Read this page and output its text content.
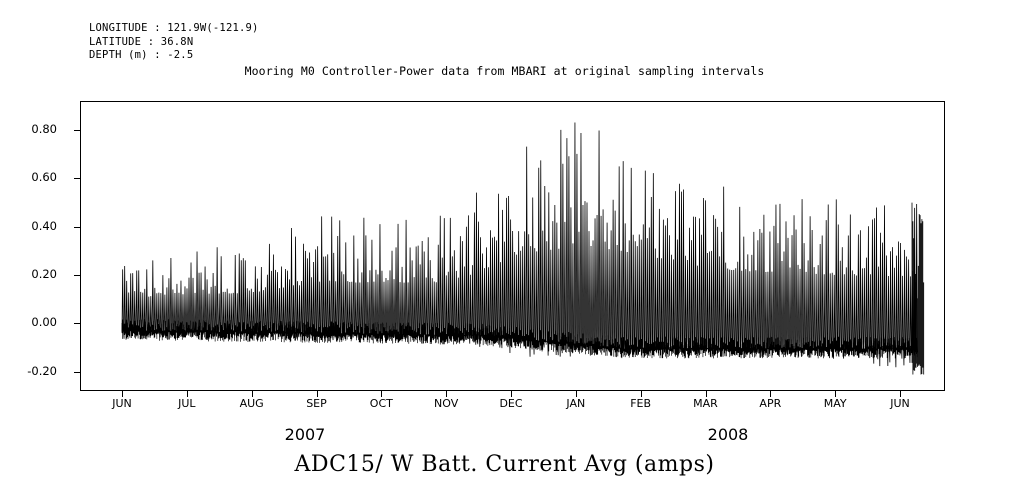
LONGITUDE : 121.9W(-121.9)
LATITUDE : 36.8N
DEPTH (m) : -2.5
Mooring M0 Controller-Power data from MBARI at original sampling intervals
-0.20
0.00
0.20
0.40
0.60
0.80
JUN	JUL	AUG	SEP	OCT	NOV	DEC	JAN	FEB	MAR	APR	MAY	JUN
2007	2008
ADC15/ W Batt. Current Avg (amps)
